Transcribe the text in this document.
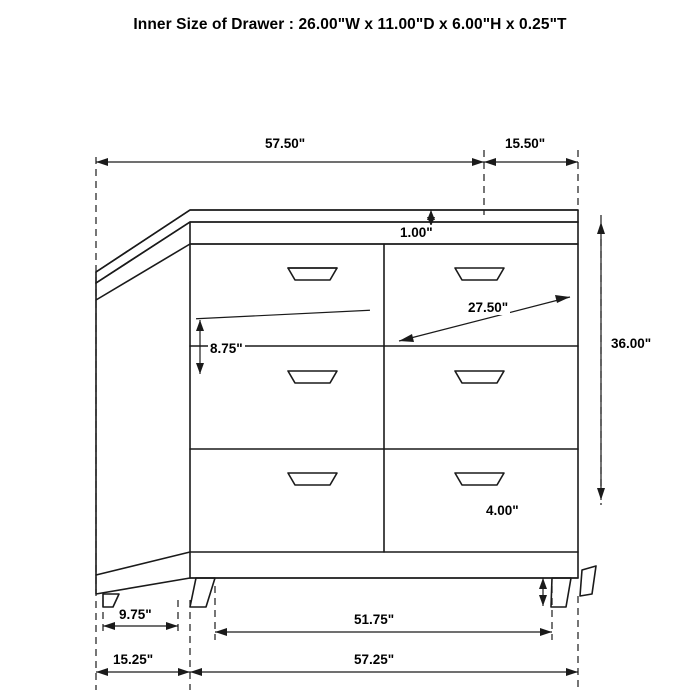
Inner Size of Drawer : 26.00"W x 11.00"D x 6.00"H x 0.25"T
57.50"	15.50"
1.00"
27.50"
8.75"	36.00"
4.00"
9.75"	51.75"
15.25"	57.25"
